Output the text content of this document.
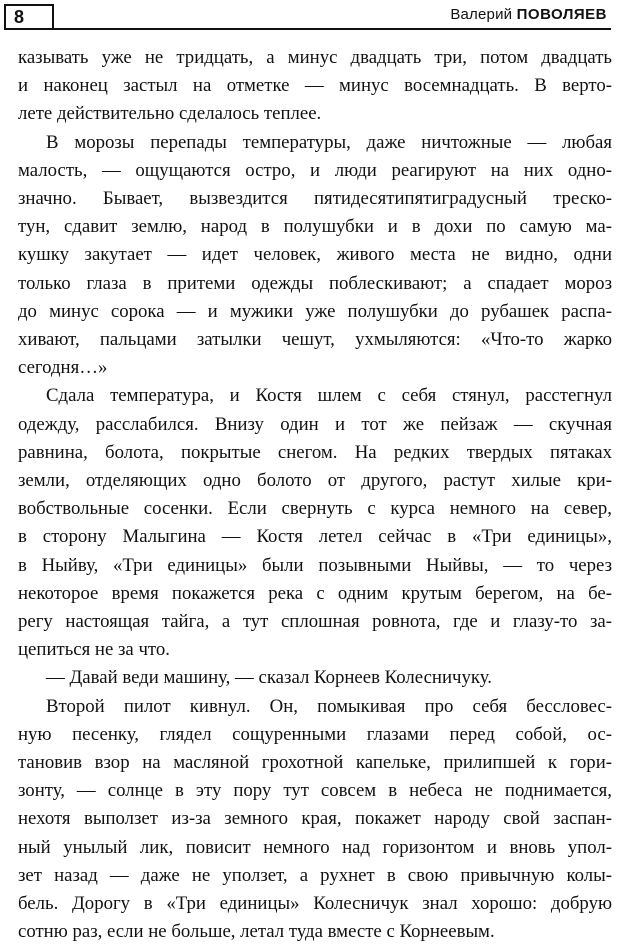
8	Валерий ПОВОЛЯЕВ
казывать уже не тридцать, а минус двадцать три, потом двадцать
и наконец застыл на отметке — минус восемнадцать. В верто-
лете действительно сделалось теплее.
В морозы перепады температуры, даже ничтожные — любая
малость, — ощущаются остро, и люди реагируют на них одно-
значно. Бывает, вызвездится пятидесятипятиградусный треско-
тун, сдавит землю, народ в полушубки и в дохи по самую ма-
кушку закутает — идет человек, живого места не видно, одни
только глаза в притеми одежды поблескивают; а спадает мороз
до минус сорока — и мужики уже полушубки до рубашек распа-
хивают, пальцами затылки чешут, ухмыляются: «Что-то жарко
сегодня…»
Сдала температура, и Костя шлем с себя стянул, расстегнул
одежду, расслабился. Внизу один и тот же пейзаж — скучная
равнина, болота, покрытые снегом. На редких твердых пятаках
земли, отделяющих одно болото от другого, растут хилые кри-
вобствольные сосенки. Если свернуть с курса немного на север,
в сторону Малыгина — Костя летел сейчас в «Три единицы»,
в Ныйву, «Три единицы» были позывными Ныйвы, — то через
некоторое время покажется река с одним крутым берегом, на бе-
регу настоящая тайга, а тут сплошная ровнота, где и глазу-то за-
цепиться не за что.
— Давай веди машину, — сказал Корнеев Колесничуку.
Второй пилот кивнул. Он, помыкивая про себя бессловес-
ную песенку, глядел сощуренными глазами перед собой, ос-
тановив взор на масляной грохотной капельке, прилипшей к гори-
зонту, — солнце в эту пору тут совсем в небеса не поднимается,
нехотя выползет из-за земного края, покажет народу свой заспан-
ный унылый лик, повисит немного над горизонтом и вновь упол-
зет назад — даже не уползет, а рухнет в свою привычную колы-
бель. Дорогу в «Три единицы» Колесничук знал хорошо: добрую
сотню раз, если не больше, летал туда вместе с Корнеевым.
